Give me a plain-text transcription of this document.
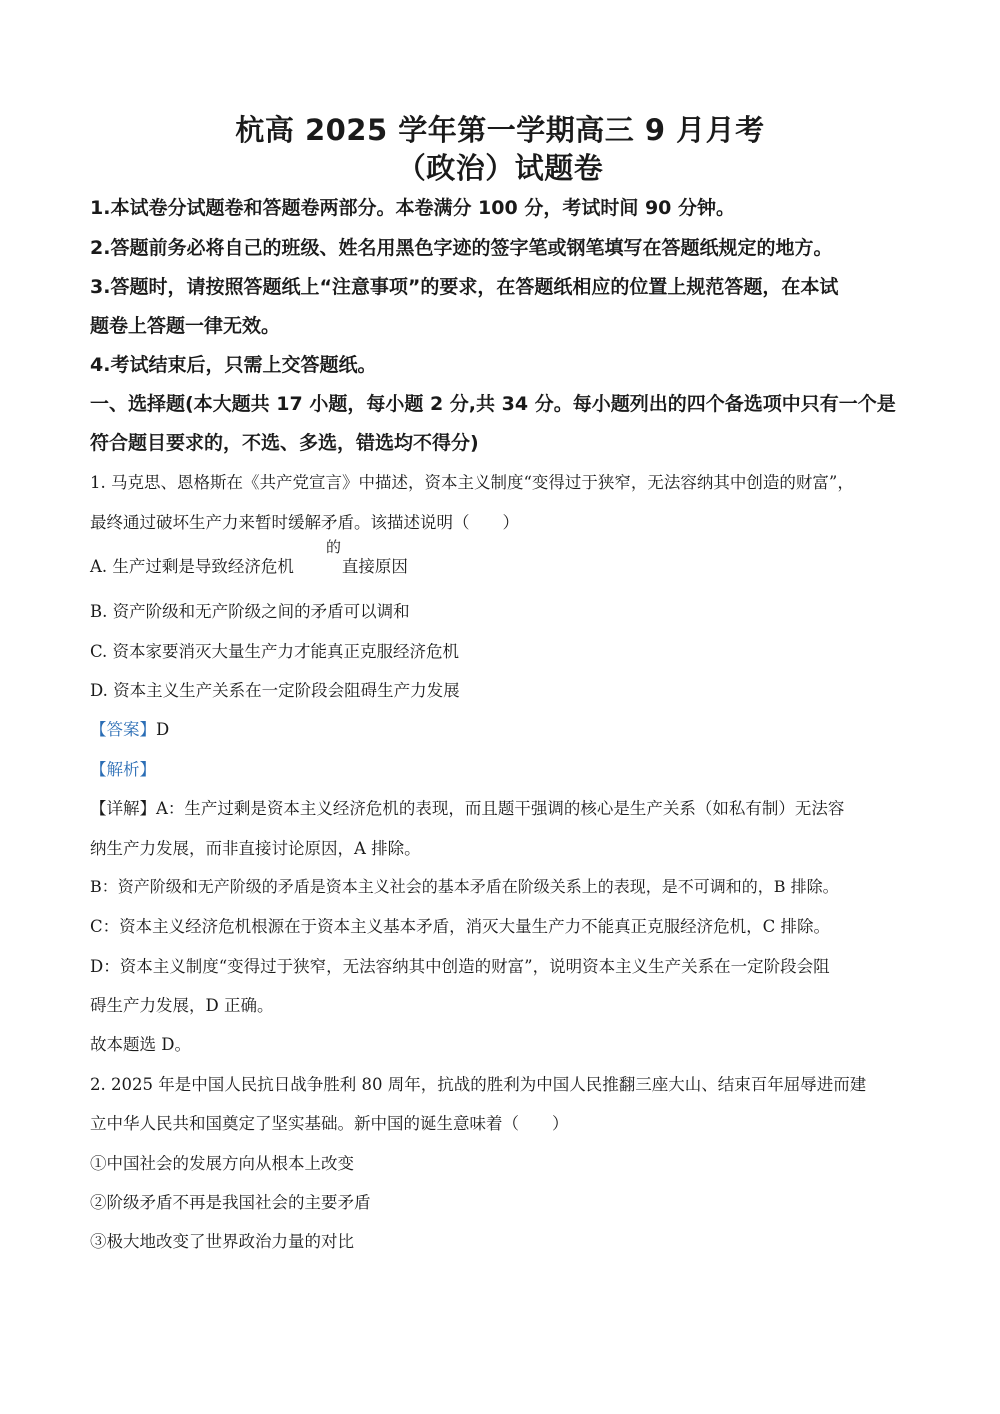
杭高 2025 学年第一学期高三 9 月月考
（政治）试题卷
1.本试卷分试题卷和答题卷两部分。本卷满分 100 分，考试时间 90 分钟。
2.答题前务必将自己的班级、姓名用黑色字迹的签字笔或钢笔填写在答题纸规定的地方。
3.答题时，请按照答题纸上“注意事项”的要求，在答题纸相应的位置上规范答题，在本试
题卷上答题一律无效。
4.考试结束后，只需上交答题纸。
一、选择题(本大题共 17 小题，每小题 2 分,共 34 分。每小题列出的四个备选项中只有一个是
符合题目要求的，不选、多选，错选均不得分)
1. 马克思、恩格斯在《共产党宣言》中描述，资本主义制度“变得过于狭窄，无法容纳其中创造的财富”，
最终通过破坏生产力来暂时缓解矛盾。该描述说明（　　）
A. 生产过剩是导致经济危机	直接原因
的
B. 资产阶级和无产阶级之间的矛盾可以调和
C. 资本家要消灭大量生产力才能真正克服经济危机
D. 资本主义生产关系在一定阶段会阻碍生产力发展
【答案】D
【解析】
【详解】A：生产过剩是资本主义经济危机的表现，而且题干强调的核心是生产关系（如私有制）无法容
纳生产力发展，而非直接讨论原因，A 排除。
B：资产阶级和无产阶级的矛盾是资本主义社会的基本矛盾在阶级关系上的表现，是不可调和的，B 排除。
C：资本主义经济危机根源在于资本主义基本矛盾，消灭大量生产力不能真正克服经济危机，C 排除。
D：资本主义制度“变得过于狭窄，无法容纳其中创造的财富”，说明资本主义生产关系在一定阶段会阻
碍生产力发展，D 正确。
故本题选 D。
2. 2025 年是中国人民抗日战争胜利 80 周年，抗战的胜利为中国人民推翻三座大山、结束百年屈辱进而建
立中华人民共和国奠定了坚实基础。新中国的诞生意味着（　　）
①中国社会的发展方向从根本上改变
②阶级矛盾不再是我国社会的主要矛盾
③极大地改变了世界政治力量的对比
